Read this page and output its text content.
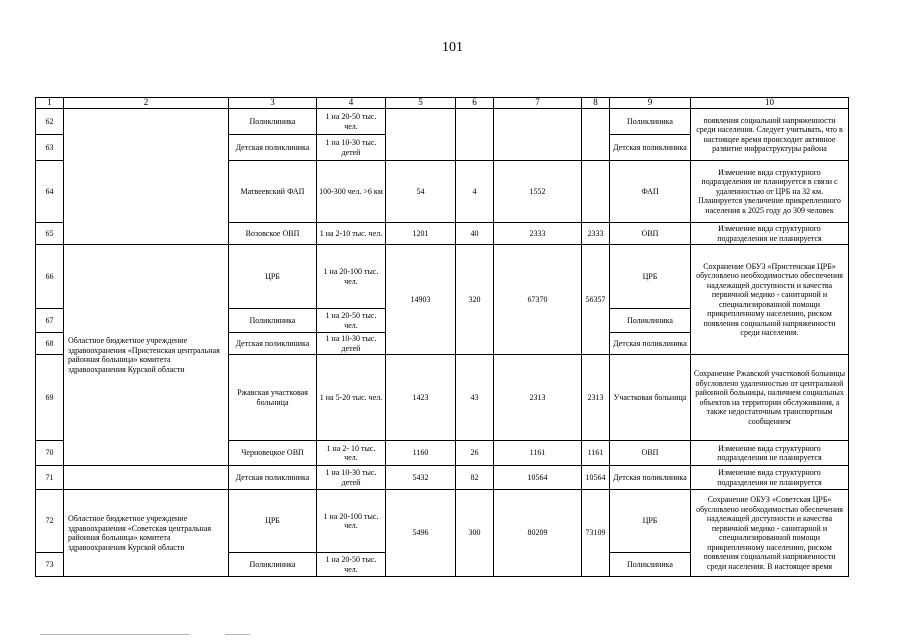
101
1	2	3	4	5	6	7	8	9	10
62		Поликлиника	1 на 20-50 тыс. чел.					Поликлиника	появления социальной напряженности среди населения. Следует учитывать, что в настоящее время происходит активное развитие инфраструктуры района
63		Детская поликлиника	1 на 10-30 тыс. детей					Детская поликлиника	
64		Матвеевский ФАП	100-300 чел. >6 км	54	4	1552		ФАП	Изменение вида структурного подразделения не планируется в связи с удаленностью от ЦРБ на 32 км. Планируется увеличение прикрепленного населения к 2025 году до 309 человек
65		Возовское ОВП	1 на 2-10 тыс. чел.	1201	40	2333	2333	ОВП	Изменение вида структурного подразделения не планируется
66	Областное бюджетное учреждение здравоохранения «Пристенская центральная районная больница» комитета здравоохранения Курской области	ЦРБ	1 на 20-100 тыс. чел.	14903	320	67370	56357	ЦРБ	Сохранение ОБУЗ «Пристенская ЦРБ» обусловлено необходимостью обеспечения надлежащей доступности и качества первичной медико - санитарной и специализированной помощи прикрепленному населению, риском появления социальной напряженности среди населения.
67		Поликлиника	1 на 20-50 тыс. чел.					Поликлиника	
68		Детская поликлиника	1 на 10-30 тыс. детей					Детская поликлиника	
69		Ржавская участковая больница	1 на 5-20 тыс. чел.	1423	43	2313	2313	Участковая больница	Сохранение Ржавской участковой больницы обусловлено удаленностью от центральной районной больницы, наличием социальных объектов на территории обслуживания, а также недостаточным транспортным сообщением
70		Черновецкое ОВП	1 на 2- 10 тыс. чел.	1160	26	1161	1161	ОВП	Изменение вида структурного подразделения не планируется
71		Детская поликлиника	1 на 10-30 тыс. детей	5432	82	10564	10564	Детская поликлиника	Изменение вида структурного подразделения не планируется
72	Областное бюджетное учреждение здравоохранения «Советская центральная районная больница» комитета здравоохранения Курской области	ЦРБ	1 на 20-100 тыс. чел.	5496	300	80209	73109	ЦРБ	Сохранение ОБУЗ «Советская ЦРБ» обусловлено необходимостью обеспечения надлежащей доступности и качества первичной медико - санитарной и специализированной помощи прикрепленному населению, риском появления социальной напряженности среди населения. В настоящее время
73		Поликлиника	1 на 20-50 тыс. чел.					Поликлиника	
